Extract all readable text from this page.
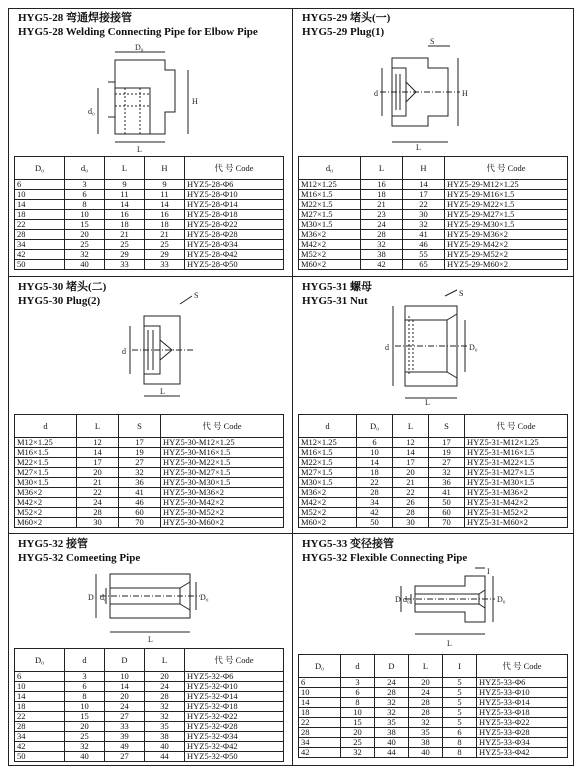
HYG5-28 弯通焊接接管
HYG5-28 Welding Connecting Pipe for Elbow Pipe
D₀
H
L
d₀
D₀	d₀	L	H	代 号 Code
6	3	9	9	HYZ5-28-Φ6
10	6	11	11	HYZ5-28-Φ10
14	8	14	14	HYZ5-28-Φ14
18	10	16	16	HYZ5-28-Φ18
22	15	18	18	HYZ5-28-Φ22
28	20	21	21	HYZ5-28-Φ28
34	25	25	25	HYZ5-28-Φ34
42	32	29	29	HYZ5-28-Φ42
50	40	33	33	HYZ5-28-Φ50
HYG5-29 堵头(一)
HYG5-29 Plug(1)
S
d	H
L
d₀	L	H	代 号 Code
M12×1.25	16	14	HYZ5-29-M12×1.25
M16×1.5	18	17	HYZ5-29-M16×1.5
M22×1.5	21	22	HYZ5-29-M22×1.5
M27×1.5	23	30	HYZ5-29-M27×1.5
M30×1.5	24	32	HYZ5-29-M30×1.5
M36×2	28	41	HYZ5-29-M36×2
M42×2	32	46	HYZ5-29-M42×2
M52×2	38	55	HYZ5-29-M52×2
M60×2	42	65	HYZ5-29-M60×2
HYG5-30 堵头(二)
HYG5-30 Plug(2)	S
d
L
d	L	S	代 号 Code
M12×1.25	12	17	HYZ5-30-M12×1.25
M16×1.5	14	19	HYZ5-30-M16×1.5
M22×1.5	17	27	HYZ5-30-M22×1.5
M27×1.5	20	32	HYZ5-30-M27×1.5
M30×1.5	21	36	HYZ5-30-M30×1.5
M36×2	22	41	HYZ5-30-M36×2
M42×2	24	46	HYZ5-30-M42×2
M52×2	28	60	HYZ5-30-M52×2
M60×2	30	70	HYZ5-30-M60×2
HYG5-31 螺母
HYG5-31 Nut
S
d	D₀
L
d	D₀	L	S	代 号 Code
M12×1.25	6	12	17	HYZ5-31-M12×1.25
M16×1.5	10	14	19	HYZ5-31-M16×1.5
M22×1.5	14	17	27	HYZ5-31-M22×1.5
M27×1.5	18	20	32	HYZ5-31-M27×1.5
M30×1.5	22	21	36	HYZ5-31-M30×1.5
M36×2	28	22	41	HYZ5-31-M36×2
M42×2	34	26	50	HYZ5-31-M42×2
M52×2	42	28	60	HYZ5-31-M52×2
M60×2	50	30	70	HYZ5-31-M60×2
HYG5-32 接管
HYG5-32 Comeeting Pipe
D d₀	D₀
L
D₀	d	D	L	代 号 Code
6	3	10	20	HYZ5-32-Φ6
10	6	14	24	HYZ5-32-Φ10
14	8	20	28	HYZ5-32-Φ14
18	10	24	32	HYZ5-32-Φ18
22	15	27	32	HYZ5-32-Φ22
28	20	33	35	HYZ5-32-Φ28
34	25	39	38	HYZ5-32-Φ34
42	32	49	40	HYZ5-32-Φ42
50	40	27	44	HYZ5-32-Φ50
HYG5-33 变径接管
HYG5-32 Flexible Connecting Pipe
I
D d₀	D₀
L
D₀	d	D	L	I	代 号 Code
6	3	24	20	5	HYZ5-33-Φ6
10	6	28	24	5	HYZ5-33-Φ10
14	8	32	28	5	HYZ5-33-Φ14
18	10	32	28	5	HYZ5-33-Φ18
22	15	35	32	5	HYZ5-33-Φ22
28	20	38	35	6	HYZ5-33-Φ28
34	25	40	38	8	HYZ5-33-Φ34
42	32	44	40	8	HYZ5-33-Φ42
